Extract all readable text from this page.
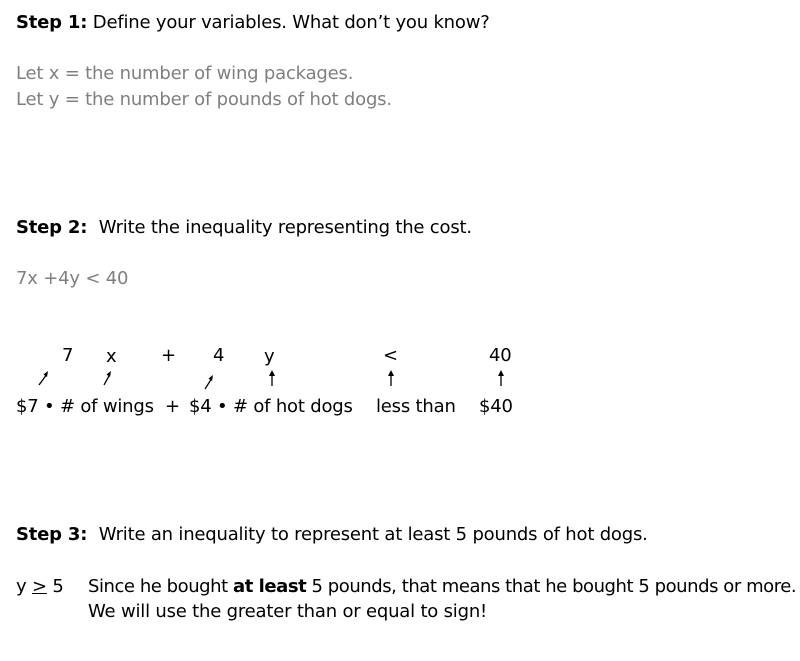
Step 1: Define your variables. What don’t you know?
Let x = the number of wing packages.
Let y = the number of pounds of hot dogs.
Step 2: Write the inequality representing the cost.
7x +4y < 40
7 x + 4 y	<	40
$7 • # of wings + $4 • # of hot dogs less than $40
Step 3: Write an inequality to represent at least 5 pounds of hot dogs.
y ≥ 5 Since he bought at least 5 pounds, that means that he bought 5 pounds or more.
We will use the greater than or equal to sign!
